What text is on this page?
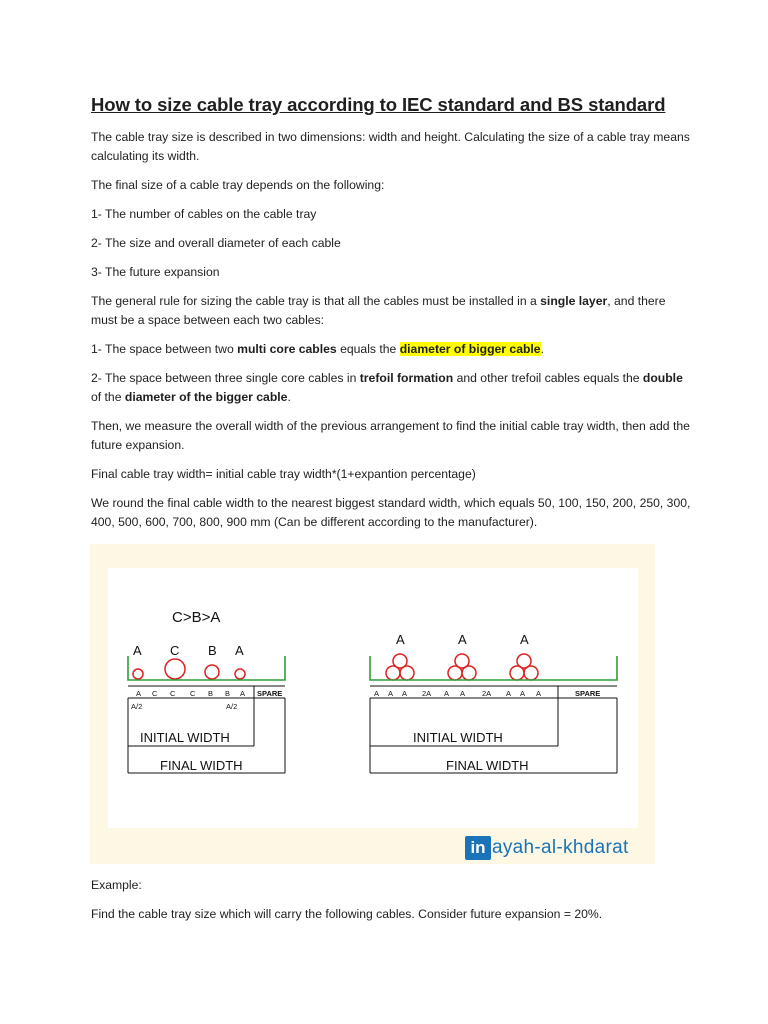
How to size cable tray according to IEC standard and BS standard

The cable tray size is described in two dimensions: width and height. Calculating the size of a cable tray means calculating its width.

The final size of a cable tray depends on the following:

1- The number of cables on the cable tray

2- The size and overall diameter of each cable

3- The future expansion

The general rule for sizing the cable tray is that all the cables must be installed in a single layer, and there must be a space between each two cables:

1- The space between two multi core cables equals the diameter of bigger cable.

2- The space between three single core cables in trefoil formation and other trefoil cables equals the double of the diameter of the bigger cable.

Then, we measure the overall width of the previous arrangement to find the initial cable tray width, then add the future expansion.

Final cable tray width= initial cable tray width*(1+expantion percentage)

We round the final cable width to the nearest biggest standard width, which equals 50, 100, 150, 200, 250, 300, 400, 500, 600, 700, 800, 900 mm (Can be different according to the manufacturer).

C>B>A
A C B A
A C C C B B A SPARE
A/2	A/2
INITIAL WIDTH
FINAL WIDTH
A	A	A
A A A 2A A A 2A A A A	SPARE
INITIAL WIDTH
FINAL WIDTH
in ayah-al-khdarat

Example:

Find the cable tray size which will carry the following cables. Consider future expansion = 20%.
